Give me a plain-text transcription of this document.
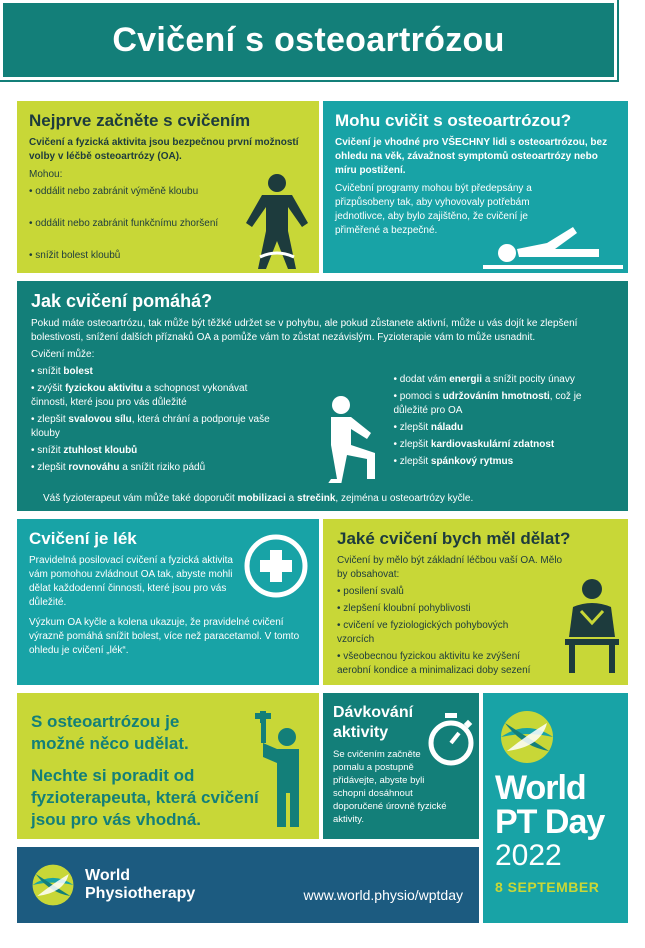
Cvičení s osteoartrózou
Nejprve začněte s cvičením

Cvičení a fyzická aktivita jsou bezpečnou první možností volby v léčbě osteoartrózy (OA).

Mohou:

• oddálit nebo zabránit výměně kloubu
• oddálit nebo zabránit funkčnímu zhoršení
• snížit bolest kloubů
Mohu cvičit s osteoartrózou?

Cvičení je vhodné pro VŠECHNY lidi s osteoartrózou, bez ohledu na věk, závažnost symptomů osteoartrózy nebo míru postižení.

Cvičební programy mohou být předepsány a přizpůsobeny tak, aby vyhovovaly potřebám jednotlivce, aby bylo zajištěno, že cvičení je přiměřené a bezpečné.

Jak cvičení pomáhá?

Pokud máte osteoartrózu, tak může být těžké udržet se v pohybu, ale pokud zůstanete aktivní, může u vás dojít ke zlepšení bolestivosti, snížení dalších příznaků OA a pomůže vám to zůstat nezávislým. Fyzioterapie vám to může usnadnit.

Cvičení může:

• snížit bolest
• zvýšit fyzickou aktivitu a schopnost vykonávat činnosti, které jsou pro vás důležité
• zlepšit svalovou sílu, která chrání a podporuje vaše klouby
• snížit ztuhlost kloubů
• zlepšit rovnováhu a snížit riziko pádů
• dodat vám energii a snížit pocity únavy
• pomoci s udržováním hmotnosti, což je důležité pro OA
• zlepšit náladu
• zlepšit kardiovaskulární zdatnost
• zlepšit spánkový rytmus

Váš fyzioterapeut vám může také doporučit mobilizaci a strečink, zejména u osteoartrózy kyčle.

Cvičení je lék

Pravidelná posilovací cvičení a fyzická aktivita vám pomohou zvládnout OA tak, abyste mohli dělat každodenní činnosti, které jsou pro vás důležité.

Výzkum OA kyčle a kolena ukazuje, že pravidelné cvičení výrazně pomáhá snížit bolest, více než paracetamol. V tomto ohledu je cvičení „lék“.

Jaké cvičení bych měl dělat?

Cvičení by mělo být základní léčbou vaší OA. Mělo by obsahovat:

• posilení svalů
• zlepšení kloubní pohyblivosti
• cvičení ve fyziologických pohybových vzorcích
• všeobecnou fyzickou aktivitu ke zvýšení aerobní kondice a minimalizaci doby sezení

S osteoartrózou je možné něco udělat.

Nechte si poradit od fyzioterapeuta, která cvičení jsou pro vás vhodná.

Dávkování aktivity

Se cvičením začněte pomalu a postupně přidávejte, abyste byli schopni dosáhnout doporučené úrovně fyzické aktivity.

World
PT Day
2022
8 SEPTEMBER
World
Physiotherapy	www.world.physio/wptday
